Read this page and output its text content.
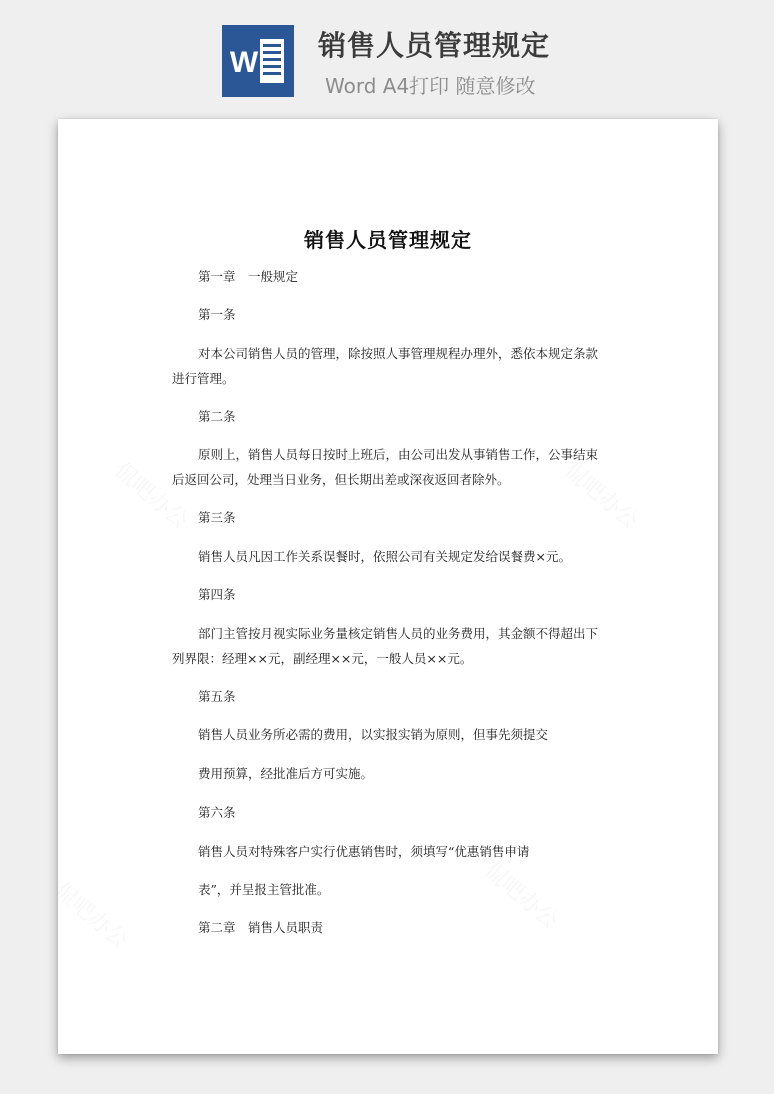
W
销售人员管理规定
Word A4打印 随意修改
销售人员管理规定
第一章　一般规定
第一条
对本公司销售人员的管理，除按照人事管理规程办理外，悉依本规定条款
进行管理。
第二条
原则上，销售人员每日按时上班后，由公司出发从事销售工作，公事结束
后返回公司，处理当日业务，但长期出差或深夜返回者除外。
第三条
销售人员凡因工作关系误餐时，依照公司有关规定发给误餐费×元。
第四条
部门主管按月视实际业务量核定销售人员的业务费用，其金额不得超出下
列界限：经理××元，副经理××元，一般人员××元。
第五条
销售人员业务所必需的费用，以实报实销为原则，但事先须提交
费用预算，经批准后方可实施。
第六条
销售人员对特殊客户实行优惠销售时，须填写“优惠销售申请
表”，并呈报主管批准。
第二章　销售人员职责
